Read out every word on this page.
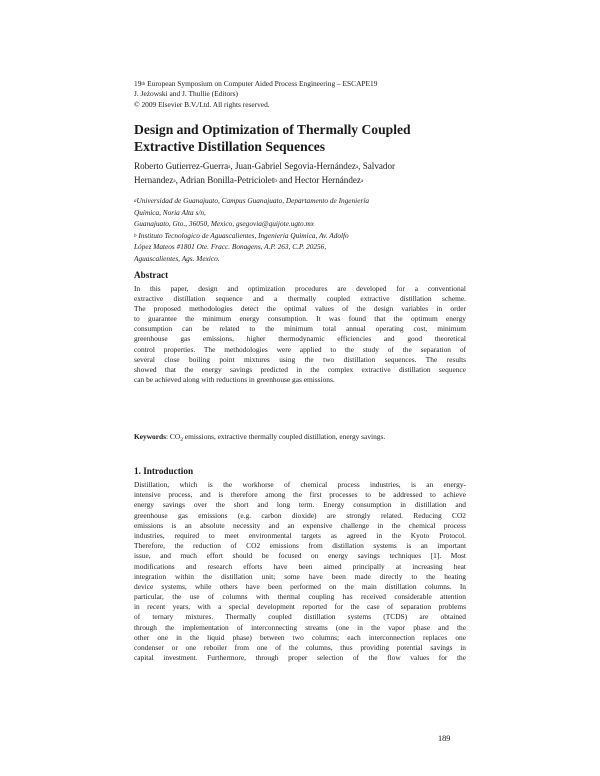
19th European Symposium on Computer Aided Process Engineering – ESCAPE19
J. Jeżowski and J. Thullie (Editors)
© 2009 Elsevier B.V./Ltd. All rights reserved.
Design and Optimization of Thermally Coupled
Extractive Distillation Sequences
Roberto Gutierrez-Guerra$^a$, Juan-Gabriel Segovia-Hernández$^a$, Salvador
Hernandez$^a$, Adrian Bonilla-Petriciolet$^b$ and Hector Hernández$^a$
$^a$Universidad de Guanajuato, Campus Guanajuato, Departamento de Ingeniería
Química, Noria Alta s/n,
Guanajuato, Gto., 36050, Mexico, gsegovia@quijote.ugto.mx
$^b$ Instituto Tecnologico de Aguascalientes, Ingenieria Quimica, Av. Adolfo
López Mateos #1801 Ote. Fracc. Bonagens, A.P. 263, C.P. 20256,
Aguascalientes, Ags. Mexico.
Abstract
In this paper, design and optimization procedures are developed for a conventional
extractive distillation sequence and a thermally coupled extractive distillation scheme.
The proposed methodologies detect the optimal values of the design variables in order
to guarantee the minimum energy consumption. It was found that the optimum energy
consumption can be related to the minimum total annual operating cost, minimum
greenhouse gas emissions, higher thermodynamic efficiencies and good theoretical
control properties. The methodologies were applied to the study of the separation of
several close boiling point mixtures using the two distillation sequences. The results
showed that the energy savings predicted in the complex extractive distillation sequence
can be achieved along with reductions in greenhouse gas emissions.
Keywords: $CO_2$ emissions, extractive thermally coupled distillation, energy savings.
1. Introduction
Distillation, which is the workhorse of chemical process industries, is an energy-
intensive process, and is therefore among the first processes to be addressed to achieve
energy savings over the short and long term. Energy consumption in distillation and
greenhouse gas emissions (e.g. carbon dioxide) are strongly related. Reducing CO2
emissions is an absolute necessity and an expensive challenge in the chemical process
industries, required to meet environmental targets as agreed in the Kyoto Protocol.
Therefore, the reduction of CO2 emissions from distillation systems is an important
issue, and much effort should be focused on energy savings techniques [1]. Most
modifications and research efforts have been aimed principally at increasing heat
integration within the distillation unit; some have been made directly to the heating
device systems, while others have been performed on the main distillation columns. In
particular, the use of columns with thermal coupling has received considerable attention
in recent years, with a special development reported for the case of separation problems
of ternary mixtures. Thermally coupled distillation systems (TCDS) are obtained
through the implementation of interconnecting streams (one in the vapor phase and the
other one in the liquid phase) between two columns; each interconnection replaces one
condenser or one reboiler from one of the columns, thus providing potential savings in
capital investment. Furthermore, through proper selection of the flow values for the
189
